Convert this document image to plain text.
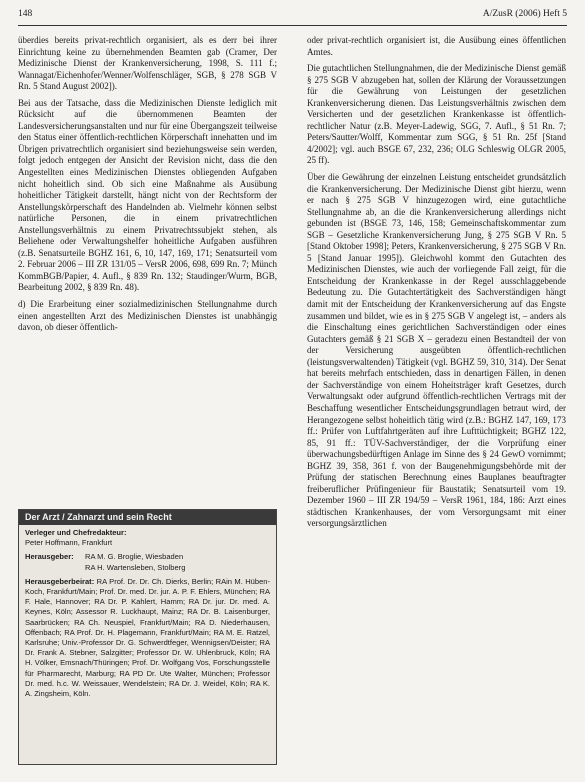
148	A/ZusR (2006) Heft 5

überdies bereits privat-rechtlich organisiert, als es derr bei ihrer Einrichtung keine zu übernehmenden Beamten gab (Cramer, Der Medizinische Dienst der Krankenversicherung, 1998, S. 111 f.; Wannagat/Eichenhofer/Wenner/Wolfenschläger, SGB, § 278 SGB V Rn. 5 Stand August 2002]).

Bei aus der Tatsache, dass die Medizinischen Dienste lediglich mit Rücksicht auf die übernommenen Beamten der Landesversicherungsanstalten und nur für eine Übergangszeit teilweise den Status einer öffentlich-rechtlichen Körperschaft innehatten und im Übrigen privatrechtlich organisiert sind beziehungsweise sein werden, folgt jedoch entgegen der Ansicht der Revision nicht, dass die den Angestellten eines Medizinischen Dienstes obliegenden Aufgaben nicht hoheitlich sind. Ob sich eine Maßnahme als Ausübung hoheitlicher Tätigkeit darstellt, hängt nicht von der Rechtsform der Anstellungskörperschaft des Handelnden ab. Vielmehr können selbst natürliche Personen, die in einem privatrechtlichen Anstellungsverhältnis zu einem Privatrechtssubjekt stehen, als Beliehene oder Verwaltungshelfer hoheitliche Aufgaben ausführen (z.B. Senatsurteile BGHZ 161, 6, 10, 147, 169, 171; Senatsurteil vom 2. Februar 2006 – III ZR 131/05 – VersR 2006, 698, 699 Rn. 7; Münch KommBGB/Papier, 4. Aufl., § 839 Rn. 132; Staudinger/Wurm, BGB, Bearbeitung 2002, § 839 Rn. 48).

d) Die Erarbeitung einer sozialmedizinischen Stellungnahme durch einen angestellten Arzt des Medizinischen Dienstes ist unabhängig davon, ob dieser öffentlich-

Der Arzt / Zahnarzt und sein Recht
Verleger und Chefredakteur:
Peter Hoffmann, Frankfurt
Herausgeber:	RA M. G. Broglie, Wiesbaden
RA H. Wartensleben, Stolberg
Herausgeberbeirat: RA Prof. Dr. Dr. Ch. Dierks, Berlin; RAin M. Hüben-Koch, Frankfurt/Main; Prof. Dr. med. Dr. jur. A. P. F. Ehlers, München; RA F. Hale, Hannover; RA Dr. P. Kahlert, Hamm; RA Dr. jur. Dr. med. A. Keynes, Köln; Assessor R. Luckhaupt, Mainz; RA Dr. B. Laisenburger, Saarbrücken; RA Ch. Neuspiel, Frankfurt/Main; RA D. Niederhausen, Offenbach; RA Prof. Dr. H. Plagemann, Frankfurt/Main; RA M. E. Ratzel, Karlsruhe; Univ.-Professor Dr. G. Schwerdtfeger, Wennigsen/Deister; RA Dr. Frank A. Stebner, Salzgitter; Professor Dr. W. Uhlenbruck, Köln; RA H. Völker, Emsnach/Thüringen; Prof. Dr. Wolfgang Vos, Forschungsstelle für Pharmarecht, Marburg; RA PD Dr. Ute Walter, München; Professor Dr. med. h.c. W. Weissauer, Wendelstein; RA Dr. J. Weidel, Köln; RA K. A. Zingsheim, Köln.

oder privat-rechtlich organisiert ist, die Ausübung eines öffentlichen Amtes.

Die gutachtlichen Stellungnahmen, die der Medizinische Dienst gemäß § 275 SGB V abzugeben hat, sollen der Klärung der Voraussetzungen für die Gewährung von Leistungen der gesetzlichen Krankenversicherung dienen. Das Leistungsverhältnis zwischen dem Versicherten und der gesetzlichen Krankenkasse ist öffentlich-rechtlicher Natur (z.B. Meyer-Ladewig, SGG, 7. Aufl., § 51 Rn. 7; Peters/Sautter/Wolff, Kommentar zum SGG, § 51 Rn. 25f [Stand 4/2002]; vgl. auch BSGE 67, 232, 236; OLG Schleswig OLGR 2005, 25 ff).

Über die Gewährung der einzelnen Leistung entscheidet grundsätzlich die Krankenversicherung. Der Medizinische Dienst gibt hierzu, wenn er nach § 275 SGB V hinzugezogen wird, eine gutachtliche Stellungnahme ab, an die die Krankenversicherung allerdings nicht gebunden ist (BSGE 73, 146, 158; Gemeinschaftskommentar zum SGB – Gesetzliche Krankenversicherung Jung, § 275 SGB V Rn. 5 [Stand Oktober 1998]; Peters, Krankenversicherung, § 275 SGB V Rn. 5 [Stand Januar 1995]). Gleichwohl kommt den Gutachten des Medizinischen Dienstes, wie auch der vorliegende Fall zeigt, für die Entscheidung der Krankenkasse in der Regel ausschlaggebende Bedeutung zu. Die Gutachtertätigkeit des Sachverständigen hängt damit mit der Entscheidung der Krankenversicherung auf das Engste zusammen und bildet, wie es in § 275 SGB V angelegt ist, – anders als die Einschaltung eines gerichtlichen Sachverständigen oder eines Gutachters gemäß § 21 SGB X – geradezu einen Bestandteil der von der Versicherung ausgeübten öffentlich-rechtlichen (leistungsverwaltenden) Tätigkeit (vgl. BGHZ 59, 310, 314). Der Senat hat bereits mehrfach entschieden, dass in denartigen Fällen, in denen der Sachverständige von einem Hoheitsträger kraft Gesetzes, durch Verwaltungsakt oder aufgrund öffentlich-rechtlichen Vertrags mit der Beschaffung wesentlicher Entscheidungsgrundlagen betraut wird, der Herangezogene selbst hoheitlich tätig wird (z.B.: BGHZ 147, 169, 173 ff.: Prüfer von Luftfahrtgeräten auf ihre Lufttüchtigkeit; BGHZ 122, 85, 91 ff.: TÜV-Sachverständiger, der die Vorprüfung einer überwachungsbedürftigen Anlage im Sinne des § 24 GewO vornimmt; BGHZ 39, 358, 361 f. von der Baugenehmigungsbehörde mit der Prüfung der statischen Berechnung eines Bauplanes beauftragter freiberuflicher Prüfingenieur für Baustatik; Senatsurteil vom 19. Dezember 1960 – III ZR 194/59 – VersR 1961, 184, 186: Arzt eines städtischen Krankenhauses, der vom Versorgungsamt mit einer versorgungsärztlichen
